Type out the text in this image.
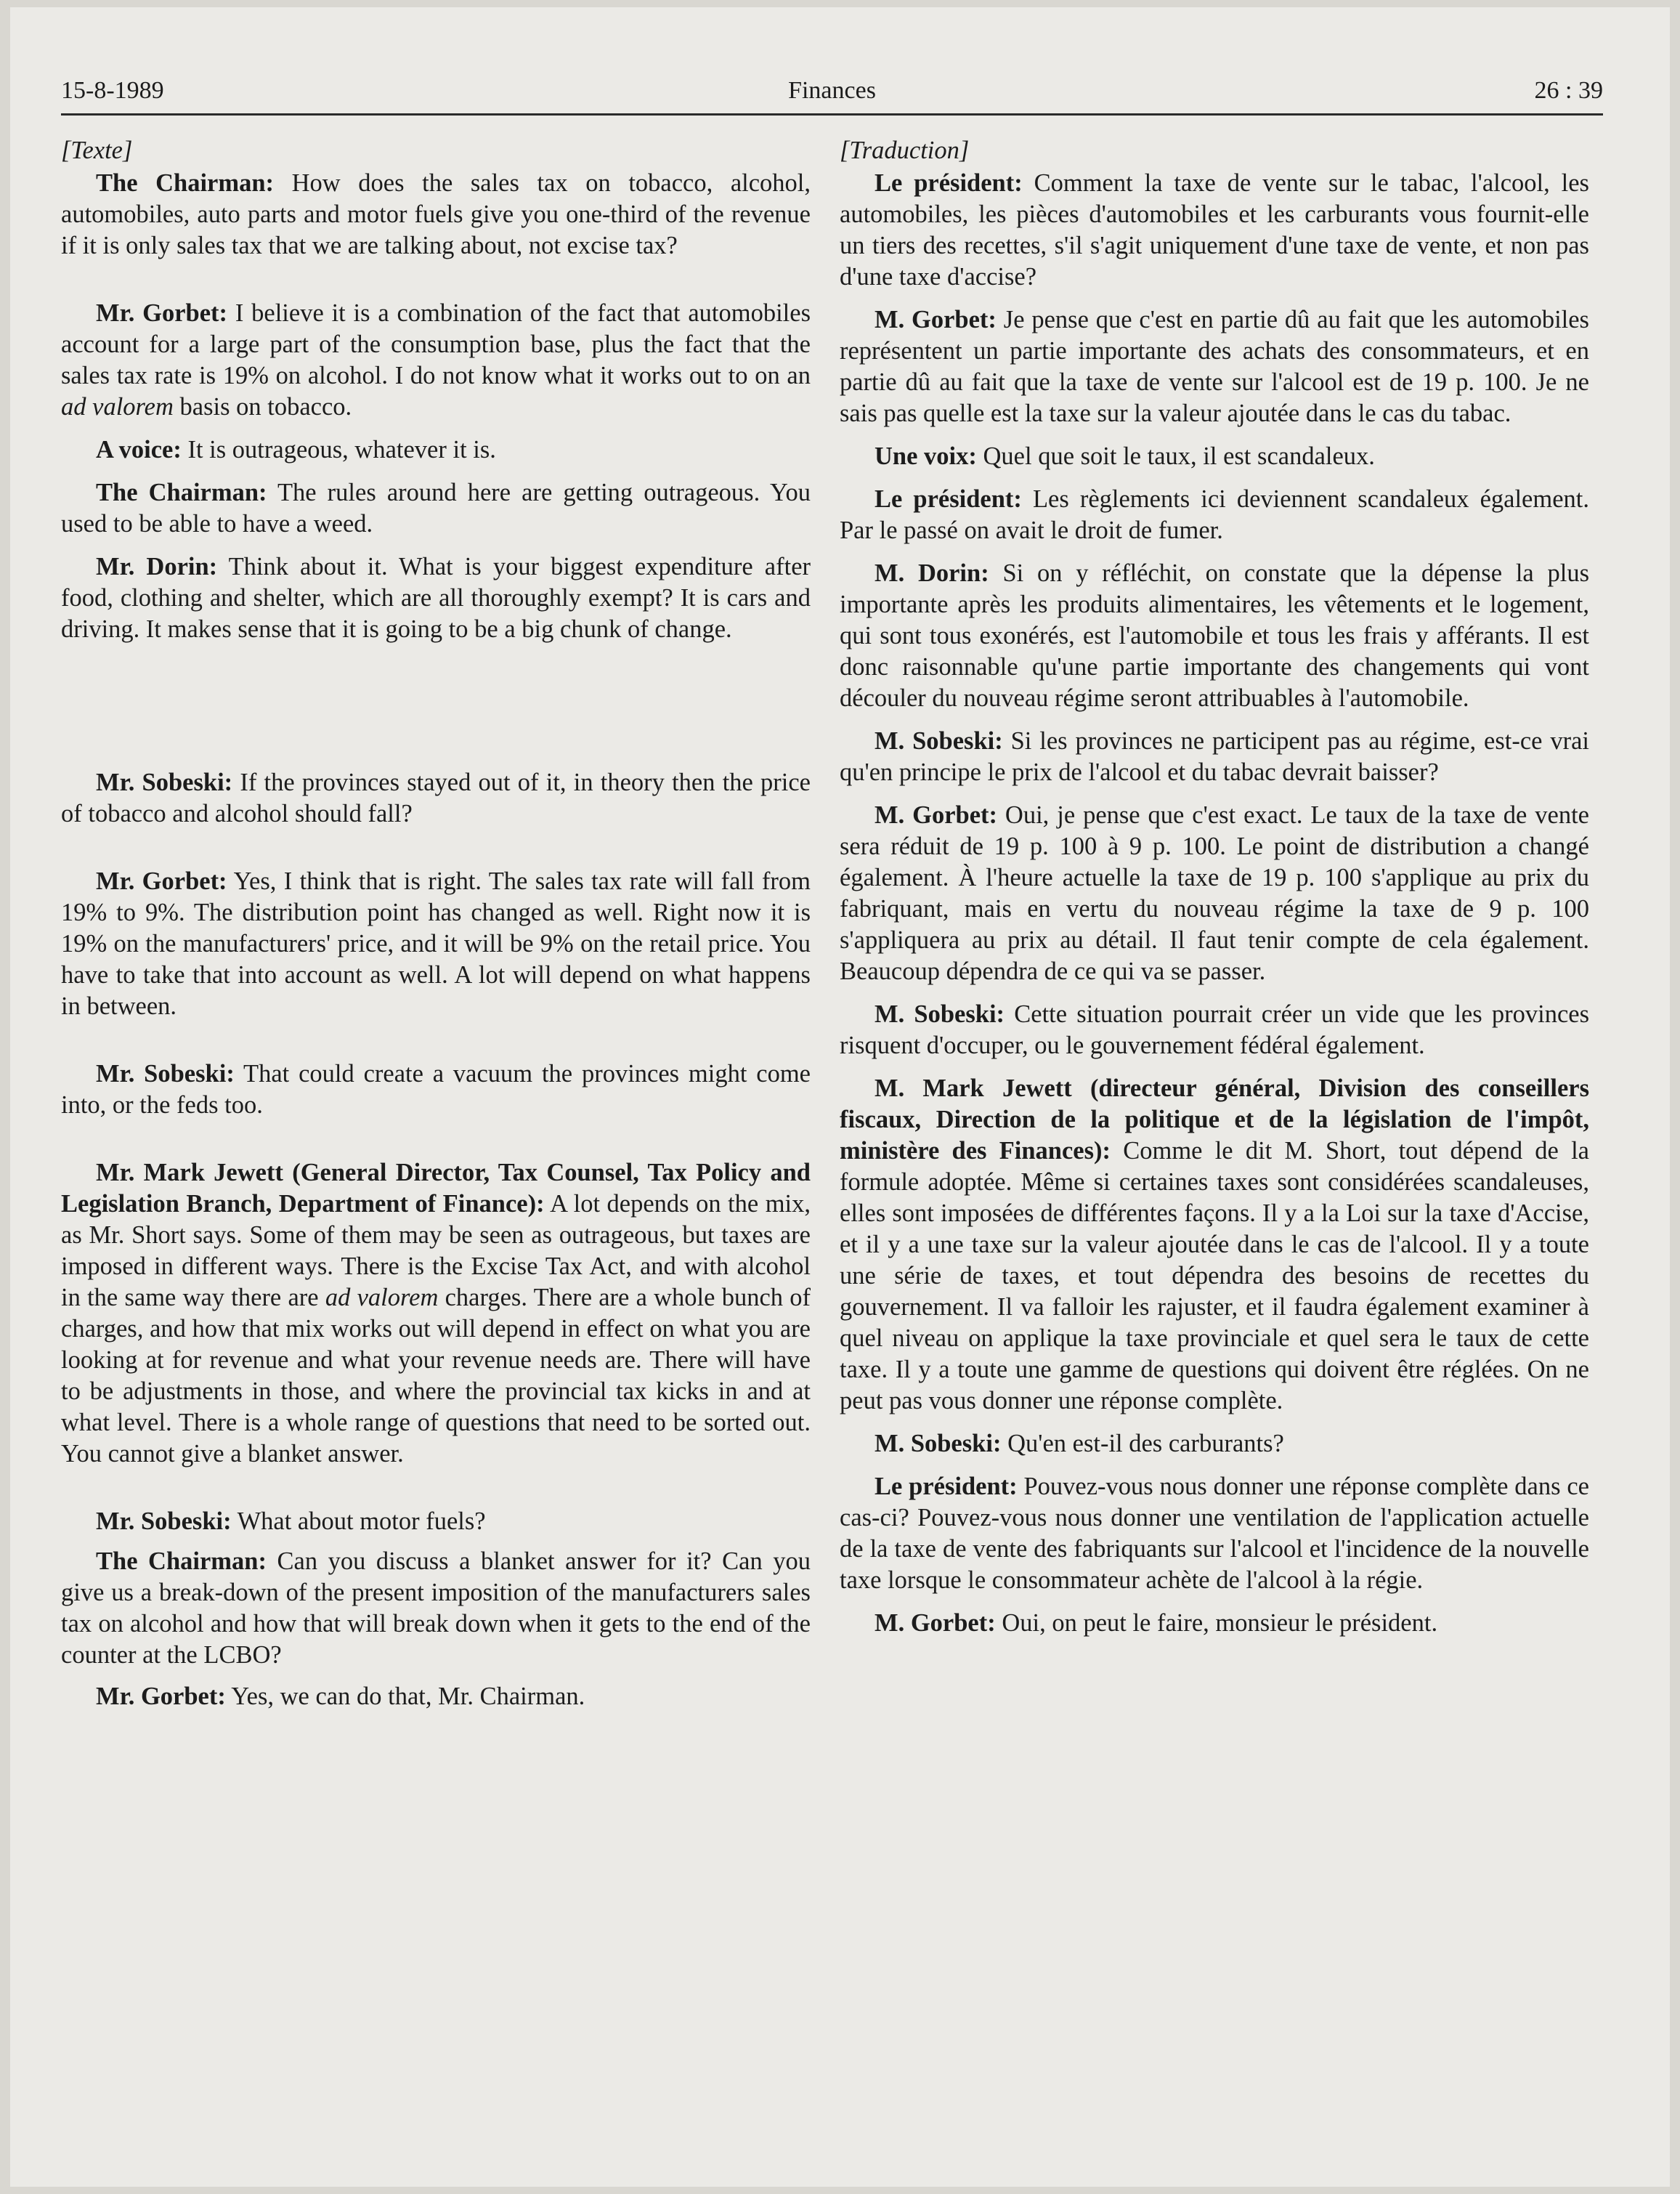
15-8-1989	Finances	26 : 39

[Texte]

The Chairman: How does the sales tax on tobacco, alcohol, automobiles, auto parts and motor fuels give you one-third of the revenue if it is only sales tax that we are talking about, not excise tax?

Mr. Gorbet: I believe it is a combination of the fact that automobiles account for a large part of the consumption base, plus the fact that the sales tax rate is 19% on alcohol. I do not know what it works out to on an ad valorem basis on tobacco.

A voice: It is outrageous, whatever it is.

The Chairman: The rules around here are getting outrageous. You used to be able to have a weed.

Mr. Dorin: Think about it. What is your biggest expenditure after food, clothing and shelter, which are all thoroughly exempt? It is cars and driving. It makes sense that it is going to be a big chunk of change.

Mr. Sobeski: If the provinces stayed out of it, in theory then the price of tobacco and alcohol should fall?

Mr. Gorbet: Yes, I think that is right. The sales tax rate will fall from 19% to 9%. The distribution point has changed as well. Right now it is 19% on the manufacturers' price, and it will be 9% on the retail price. You have to take that into account as well. A lot will depend on what happens in between.

Mr. Sobeski: That could create a vacuum the provinces might come into, or the feds too.

Mr. Mark Jewett (General Director, Tax Counsel, Tax Policy and Legislation Branch, Department of Finance): A lot depends on the mix, as Mr. Short says. Some of them may be seen as outrageous, but taxes are imposed in different ways. There is the Excise Tax Act, and with alcohol in the same way there are ad valorem charges. There are a whole bunch of charges, and how that mix works out will depend in effect on what you are looking at for revenue and what your revenue needs are. There will have to be adjustments in those, and where the provincial tax kicks in and at what level. There is a whole range of questions that need to be sorted out. You cannot give a blanket answer.

Mr. Sobeski: What about motor fuels?

The Chairman: Can you discuss a blanket answer for it? Can you give us a break-down of the present imposition of the manufacturers sales tax on alcohol and how that will break down when it gets to the end of the counter at the LCBO?

Mr. Gorbet: Yes, we can do that, Mr. Chairman.

[Traduction]

Le président: Comment la taxe de vente sur le tabac, l'alcool, les automobiles, les pièces d'automobiles et les carburants vous fournit-elle un tiers des recettes, s'il s'agit uniquement d'une taxe de vente, et non pas d'une taxe d'accise?

M. Gorbet: Je pense que c'est en partie dû au fait que les automobiles représentent un partie importante des achats des consommateurs, et en partie dû au fait que la taxe de vente sur l'alcool est de 19 p. 100. Je ne sais pas quelle est la taxe sur la valeur ajoutée dans le cas du tabac.

Une voix: Quel que soit le taux, il est scandaleux.

Le président: Les règlements ici deviennent scandaleux également. Par le passé on avait le droit de fumer.

M. Dorin: Si on y réfléchit, on constate que la dépense la plus importante après les produits alimentaires, les vêtements et le logement, qui sont tous exonérés, est l'automobile et tous les frais y afférants. Il est donc raisonnable qu'une partie importante des changements qui vont découler du nouveau régime seront attribuables à l'automobile.

M. Sobeski: Si les provinces ne participent pas au régime, est-ce vrai qu'en principe le prix de l'alcool et du tabac devrait baisser?

M. Gorbet: Oui, je pense que c'est exact. Le taux de la taxe de vente sera réduit de 19 p. 100 à 9 p. 100. Le point de distribution a changé également. À l'heure actuelle la taxe de 19 p. 100 s'applique au prix du fabriquant, mais en vertu du nouveau régime la taxe de 9 p. 100 s'appliquera au prix au détail. Il faut tenir compte de cela également. Beaucoup dépendra de ce qui va se passer.

M. Sobeski: Cette situation pourrait créer un vide que les provinces risquent d'occuper, ou le gouvernement fédéral également.

M. Mark Jewett (directeur général, Division des conseillers fiscaux, Direction de la politique et de la législation de l'impôt, ministère des Finances): Comme le dit M. Short, tout dépend de la formule adoptée. Même si certaines taxes sont considérées scandaleuses, elles sont imposées de différentes façons. Il y a la Loi sur la taxe d'Accise, et il y a une taxe sur la valeur ajoutée dans le cas de l'alcool. Il y a toute une série de taxes, et tout dépendra des besoins de recettes du gouvernement. Il va falloir les rajuster, et il faudra également examiner à quel niveau on applique la taxe provinciale et quel sera le taux de cette taxe. Il y a toute une gamme de questions qui doivent être réglées. On ne peut pas vous donner une réponse complète.

M. Sobeski: Qu'en est-il des carburants?

Le président: Pouvez-vous nous donner une réponse complète dans ce cas-ci? Pouvez-vous nous donner une ventilation de l'application actuelle de la taxe de vente des fabriquants sur l'alcool et l'incidence de la nouvelle taxe lorsque le consommateur achète de l'alcool à la régie.

M. Gorbet: Oui, on peut le faire, monsieur le président.
